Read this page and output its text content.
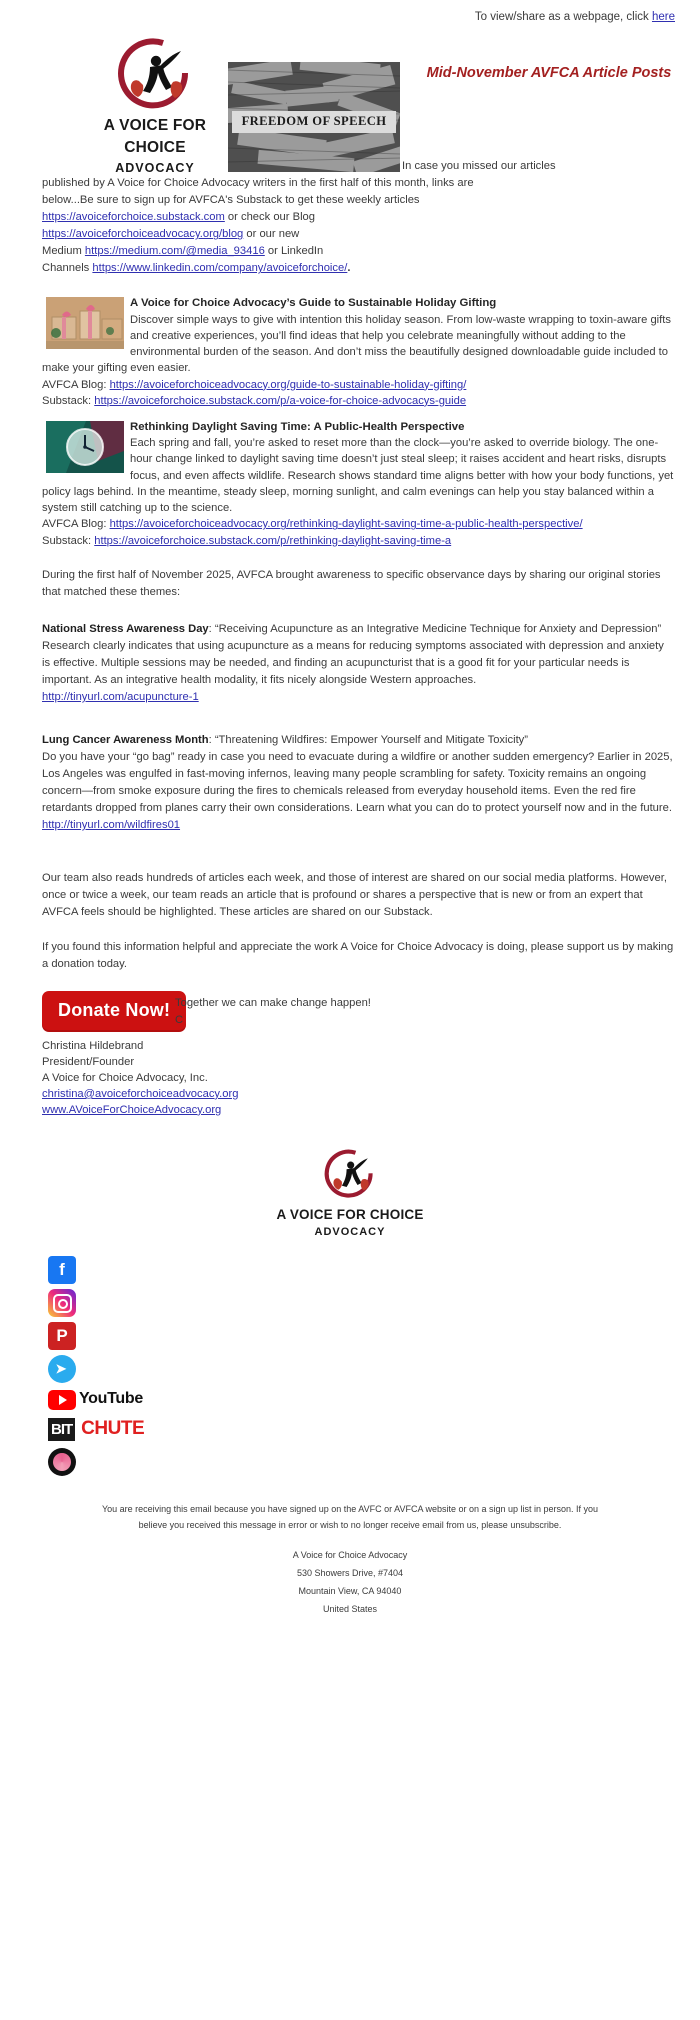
To view/share as a webpage, click here
A VOICE FOR CHOICE
ADVOCACY
FREEDOM OF SPEECH
Mid-November AVFCA Article Posts
In case you missed our articles
published by A Voice for Choice Advocacy writers in the first half of this month, links are
below...Be sure to sign up for AVFCA's Substack to get these weekly articles
https://avoiceforchoice.substack.com or check our Blog
https://avoiceforchoiceadvocacy.org/blog or our new
Medium https://medium.com/@media_93416 or LinkedIn
Channels https://www.linkedin.com/company/avoiceforchoice/.
A Voice for Choice Advocacy’s Guide to Sustainable Holiday Gifting
Discover simple ways to give with intention this holiday season. From low-waste wrapping to toxin-aware gifts and creative experiences, you’ll find ideas that help you celebrate meaningfully without adding to the environmental burden of the season. And don’t miss the beautifully designed downloadable guide included to make your gifting even easier.
AVFCA Blog: https://avoiceforchoiceadvocacy.org/guide-to-sustainable-holiday-gifting/
Substack: https://avoiceforchoice.substack.com/p/a-voice-for-choice-advocacys-guide
Rethinking Daylight Saving Time: A Public-Health Perspective
Each spring and fall, you’re asked to reset more than the clock—you’re asked to override biology. The one-hour change linked to daylight saving time doesn’t just steal sleep; it raises accident and heart risks, disrupts focus, and even affects wildlife. Research shows standard time aligns better with how your body functions, yet policy lags behind. In the meantime, steady sleep, morning sunlight, and calm evenings can help you stay balanced within a system still catching up to the science.
AVFCA Blog: https://avoiceforchoiceadvocacy.org/rethinking-daylight-saving-time-a-public-health-perspective/
Substack: https://avoiceforchoice.substack.com/p/rethinking-daylight-saving-time-a
During the first half of November 2025, AVFCA brought awareness to specific observance days by sharing our original stories that matched these themes:
National Stress Awareness Day: “Receiving Acupuncture as an Integrative Medicine Technique for Anxiety and Depression”
Research clearly indicates that using acupuncture as a means for reducing symptoms associated with depression and anxiety is effective. Multiple sessions may be needed, and finding an acupuncturist that is a good fit for your particular needs is important. As an integrative health modality, it fits nicely alongside Western approaches.
http://tinyurl.com/acupuncture-1
Lung Cancer Awareness Month: “Threatening Wildfires: Empower Yourself and Mitigate Toxicity”
Do you have your “go bag” ready in case you need to evacuate during a wildfire or another sudden emergency? Earlier in 2025, Los Angeles was engulfed in fast-moving infernos, leaving many people scrambling for safety. Toxicity remains an ongoing concern—from smoke exposure during the fires to chemicals released from everyday household items. Even the red fire retardants dropped from planes carry their own considerations. Learn what you can do to protect yourself now and in the future.
http://tinyurl.com/wildfires01
Our team also reads hundreds of articles each week, and those of interest are shared on our social media platforms. However, once or twice a week, our team reads an article that is profound or shares a perspective that is new or from an expert that AVFCA feels should be highlighted. These articles are shared on our Substack.
If you found this information helpful and appreciate the work A Voice for Choice Advocacy is doing, please support us by making a donation today.
Donate Now! Together we can make change happen!
C
Christina Hildebrand
President/Founder
A Voice for Choice Advocacy, Inc.
christina@avoiceforchoiceadvocacy.org
www.AVoiceForChoiceAdvocacy.org
A VOICE FOR CHOICE
ADVOCACY
f
P
➤
YouTube
BIT CHUTE
You are receiving this email because you have signed up on the AVFC or AVFCA website or on a sign up list in person. If you
believe you received this message in error or wish to no longer receive email from us, please unsubscribe.
A Voice for Choice Advocacy
530 Showers Drive, #7404
Mountain View, CA 94040
United States
